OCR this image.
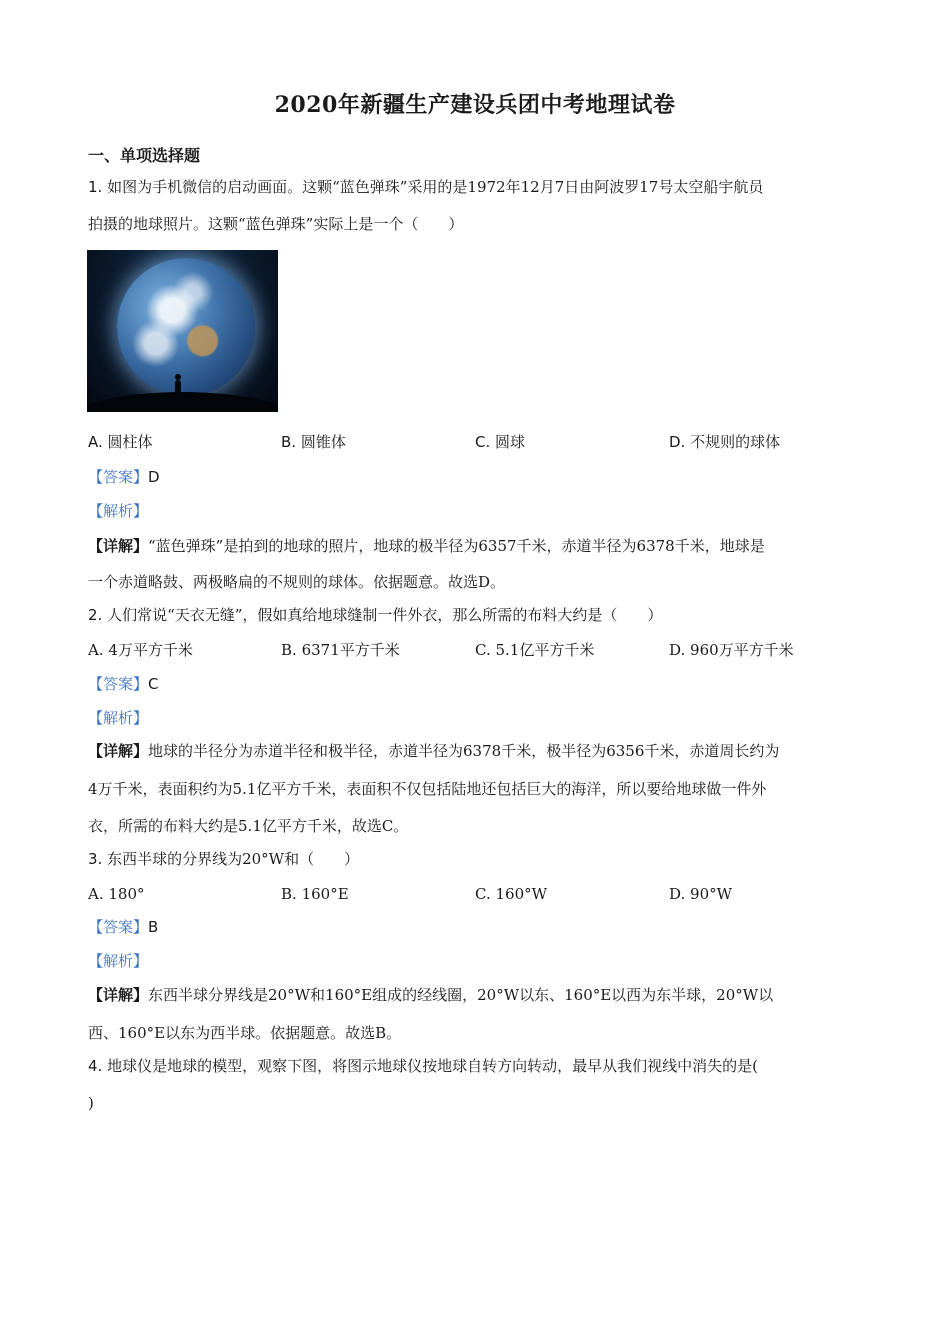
2020年新疆生产建设兵团中考地理试卷
一、单项选择题
1. 如图为手机微信的启动画面。这颗“蓝色弹珠”采用的是1972年12月7日由阿波罗17号太空船宇航员
拍摄的地球照片。这颗“蓝色弹珠”实际上是一个（　　）
A. 圆柱体	B. 圆锥体	C. 圆球	D. 不规则的球体
【答案】D
【解析】
【详解】“蓝色弹珠”是拍到的地球的照片，地球的极半径为6357千米，赤道半径为6378千米，地球是
一个赤道略鼓、两极略扁的不规则的球体。依据题意。故选D。
2. 人们常说“天衣无缝”，假如真给地球缝制一件外衣，那么所需的布料大约是（　　）
A. 4万平方千米	B. 6371平方千米	C. 5.1亿平方千米	D. 960万平方千米
【答案】C
【解析】
【详解】地球的半径分为赤道半径和极半径，赤道半径为6378千米，极半径为6356千米，赤道周长约为
4万千米，表面积约为5.1亿平方千米，表面积不仅包括陆地还包括巨大的海洋，所以要给地球做一件外
衣，所需的布料大约是5.1亿平方千米，故选C。
3. 东西半球的分界线为20°W和（　　）
A. 180°	B. 160°E	C. 160°W	D. 90°W
【答案】B
【解析】
【详解】东西半球分界线是20°W和160°E组成的经线圈，20°W以东、160°E以西为东半球，20°W以
西、160°E以东为西半球。依据题意。故选B。
4. 地球仪是地球的模型，观察下图，将图示地球仪按地球自转方向转动，最早从我们视线中消失的是(
)
